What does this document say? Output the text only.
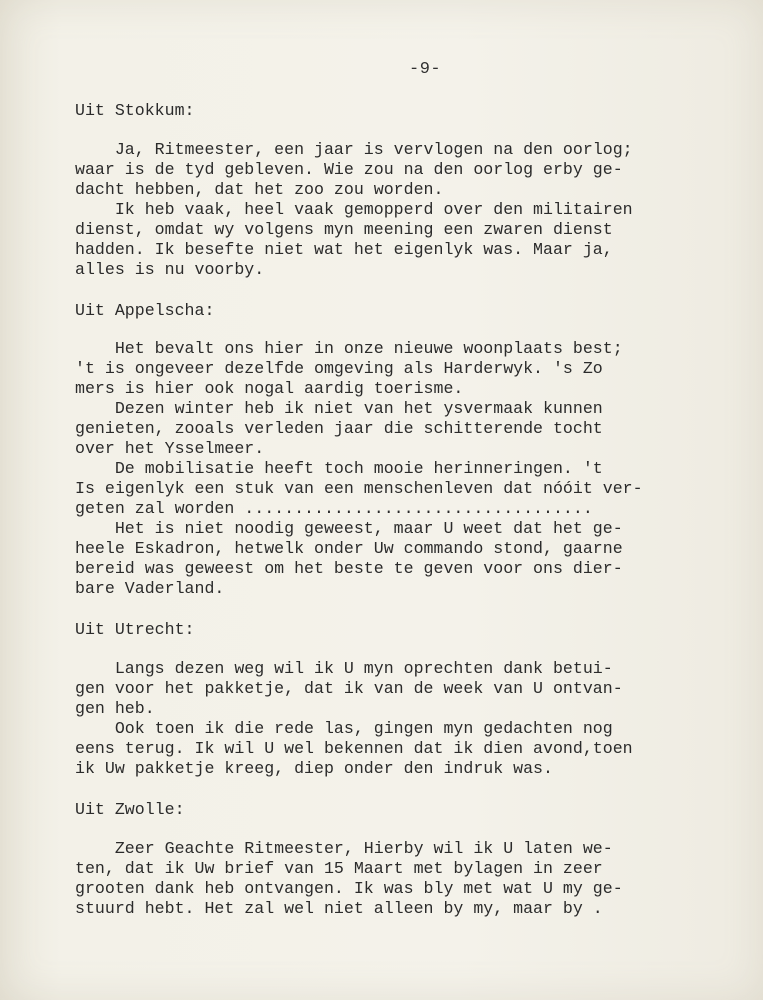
-9-
Uit Stokkum:
Ja, Ritmeester, een jaar is vervlogen na den oorlog;
waar is de tyd gebleven. Wie zou na den oorlog erby ge-
dacht hebben, dat het zoo zou worden.
Ik heb vaak, heel vaak gemopperd over den militairen
dienst, omdat wy volgens myn meening een zwaren dienst
hadden. Ik besefte niet wat het eigenlyk was. Maar ja,
alles is nu voorby.
Uit Appelscha:
Het bevalt ons hier in onze nieuwe woonplaats best;
't is ongeveer dezelfde omgeving als Harderwyk. 's Zo
mers is hier ook nogal aardig toerisme.
Dezen winter heb ik niet van het ysvermaak kunnen
genieten, zooals verleden jaar die schitterende tocht
over het Ysselmeer.
De mobilisatie heeft toch mooie herinneringen. 't
Is eigenlyk een stuk van een menschenleven dat nóóit ver-
geten zal worden ...................................
Het is niet noodig geweest, maar U weet dat het ge-
heele Eskadron, hetwelk onder Uw commando stond, gaarne
bereid was geweest om het beste te geven voor ons dier-
bare Vaderland.
Uit Utrecht:
Langs dezen weg wil ik U myn oprechten dank betui-
gen voor het pakketje, dat ik van de week van U ontvan-
gen heb.
Ook toen ik die rede las, gingen myn gedachten nog
eens terug. Ik wil U wel bekennen dat ik dien avond,toen
ik Uw pakketje kreeg, diep onder den indruk was.
Uit Zwolle:
Zeer Geachte Ritmeester, Hierby wil ik U laten we-
ten, dat ik Uw brief van 15 Maart met bylagen in zeer
grooten dank heb ontvangen. Ik was bly met wat U my ge-
stuurd hebt. Het zal wel niet alleen by my, maar by .
